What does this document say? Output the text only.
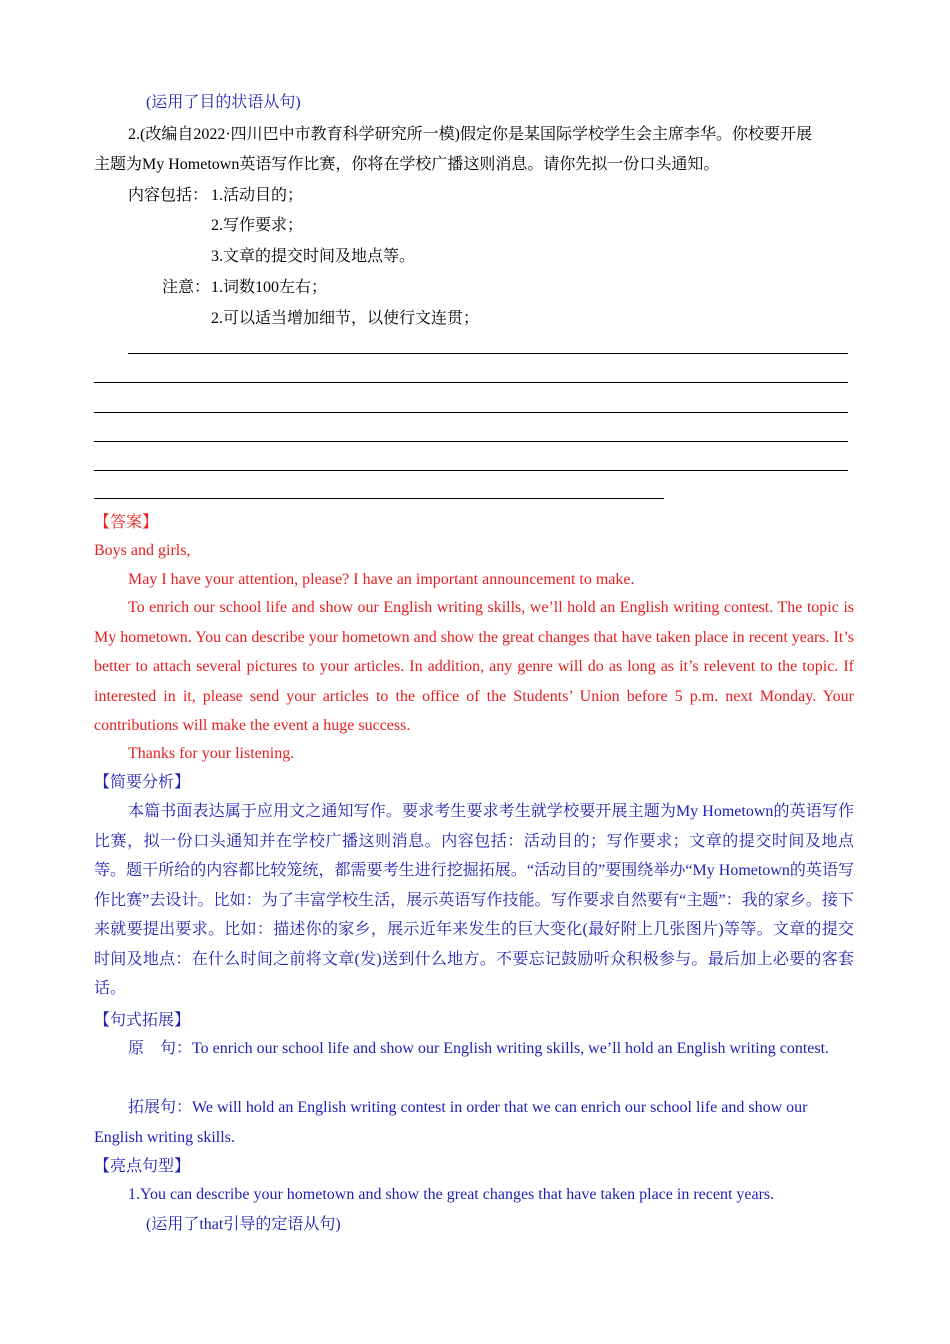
(运用了目的状语从句)
2.(改编自2022·四川巴中市教育科学研究所一模)假定你是某国际学校学生会主席李华。你校要开展
主题为My Hometown英语写作比赛，你将在学校广播这则消息。请你先拟一份口头通知。
内容包括： 1.活动目的；
2.写作要求；
3.文章的提交时间及地点等。
注意： 1.词数100左右；
2.可以适当增加细节，以使行文连贯；
【答案】
Boys and girls,
May I have your attention, please? I have an important announcement to make.
To enrich our school life and show our English writing skills, we’ll hold an English writing contest. The topic is My hometown. You can describe your hometown and show the great changes that have taken place in recent years. It’s better to attach several pictures to your articles. In addition, any genre will do as long as it’s relevent to the topic. If interested in it, please send your articles to the office of the Students’ Union before 5 p.m. next Monday. Your contributions will make the event a huge success.
Thanks for your listening.
【简要分析】
本篇书面表达属于应用文之通知写作。要求考生要求考生就学校要开展主题为My Hometown的英语写作比赛，拟一份口头通知并在学校广播这则消息。内容包括：活动目的；写作要求；文章的提交时间及地点等。题干所给的内容都比较笼统，都需要考生进行挖掘拓展。“活动目的”要围绕举办“My Hometown的英语写作比赛”去设计。比如：为了丰富学校生活，展示英语写作技能。写作要求自然要有“主题”：我的家乡。接下来就要提出要求。比如：描述你的家乡，展示近年来发生的巨大变化(最好附上几张图片)等等。文章的提交时间及地点：在什么时间之前将文章(发)送到什么地方。不要忘记鼓励听众积极参与。最后加上必要的客套话。
【句式拓展】
原　句：To enrich our school life and show our English writing skills, we’ll hold an English writing contest.
拓展句：We will hold an English writing contest in order that we can enrich our school life and show our English writing skills.
【亮点句型】
1.You can describe your hometown and show the great changes that have taken place in recent years.
(运用了that引导的定语从句)
